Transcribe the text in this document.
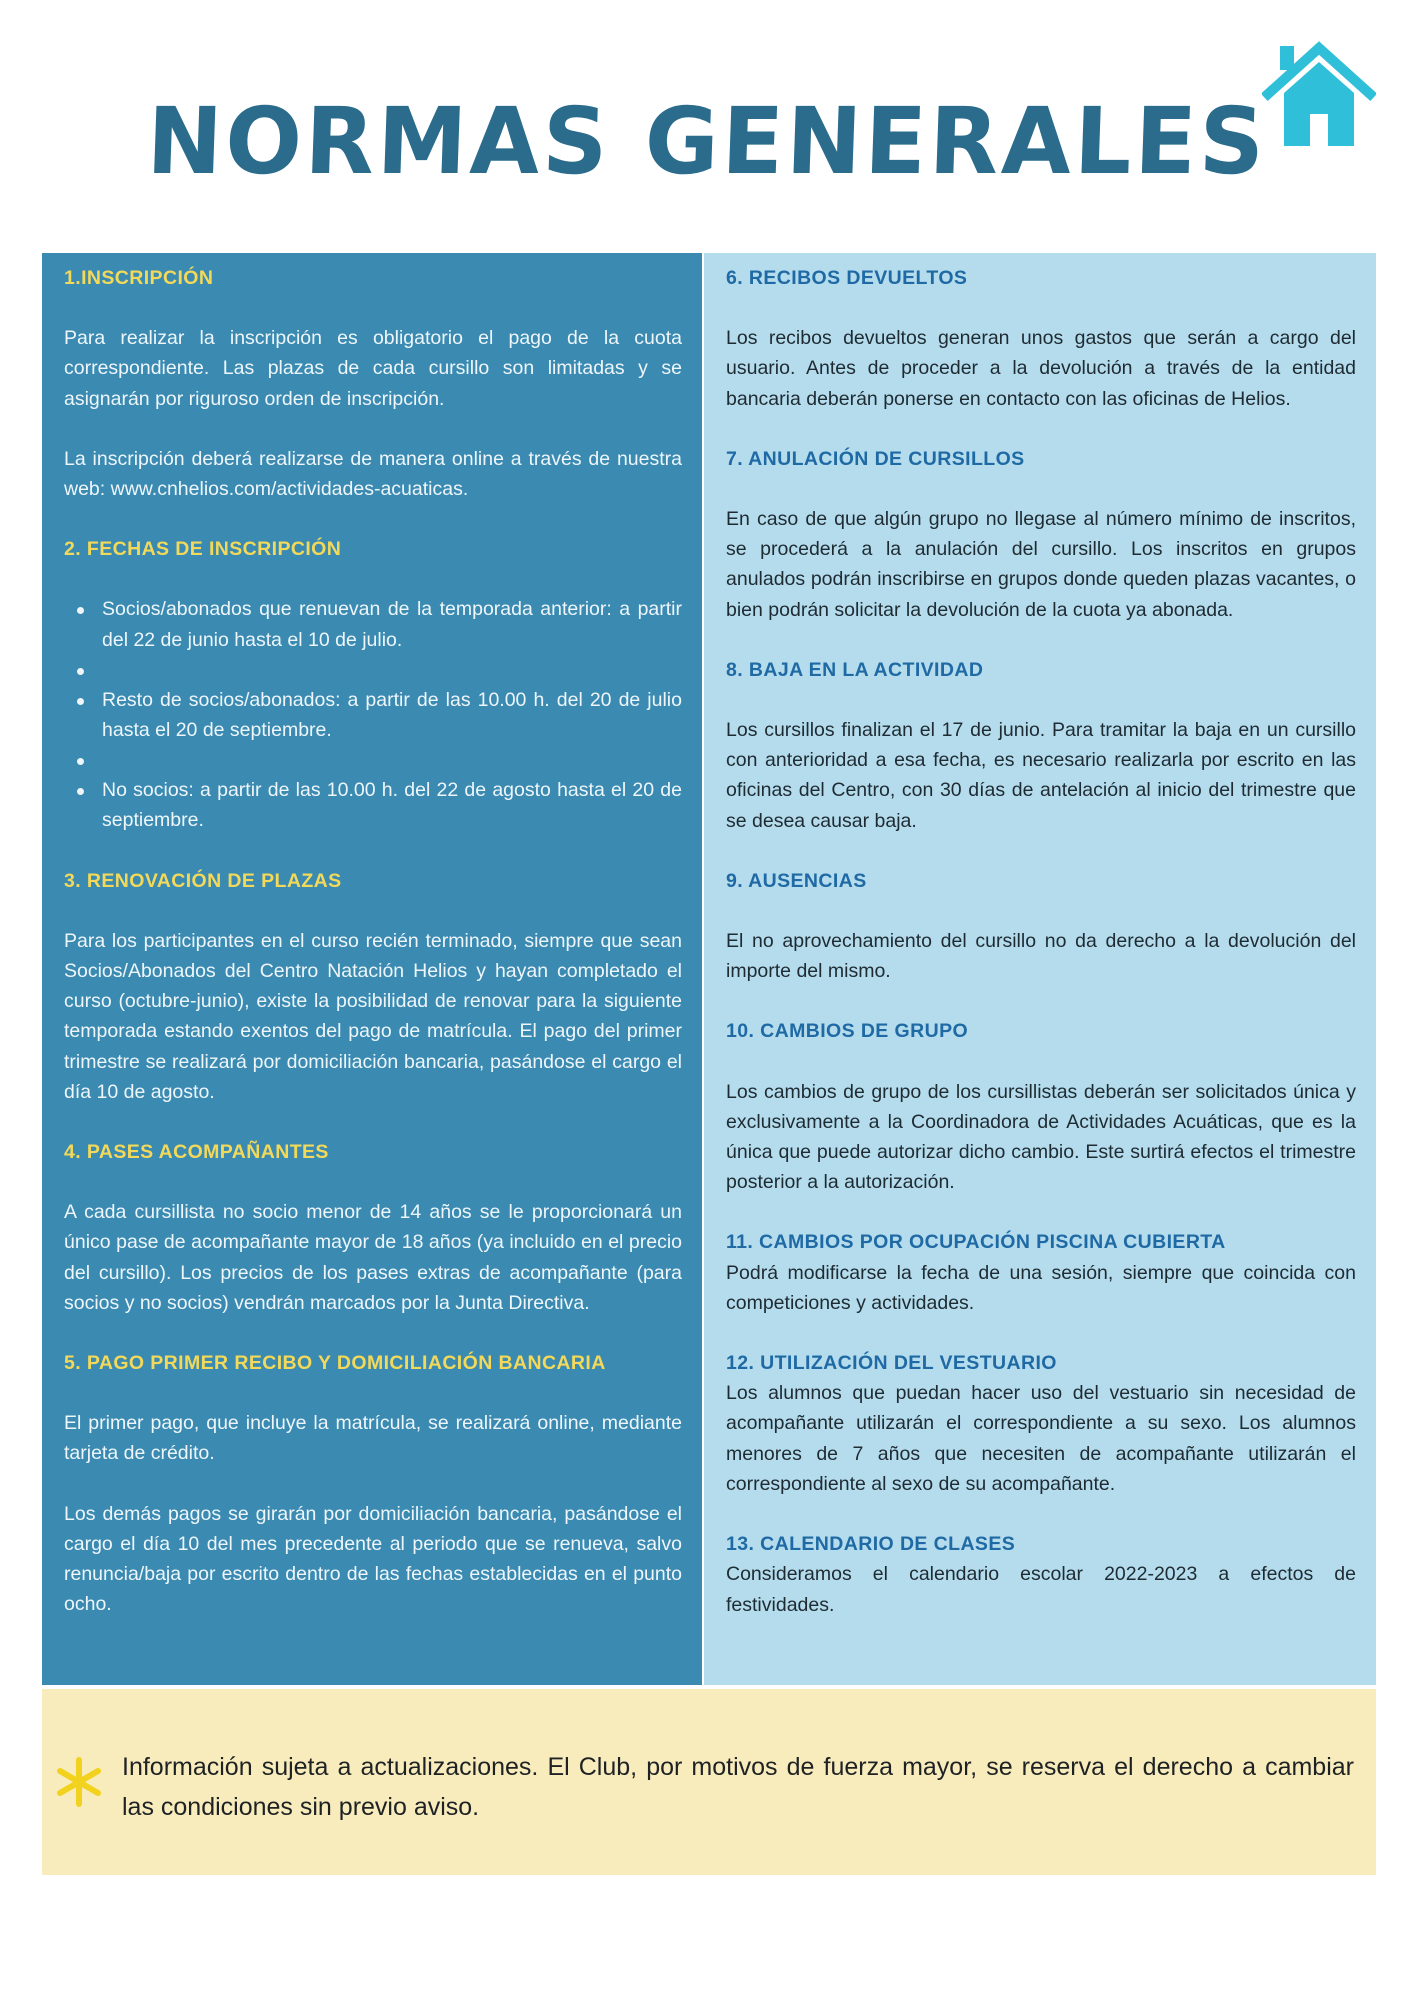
NORMAS GENERALES
1.INSCRIPCIÓN

Para realizar la inscripción es obligatorio el pago de la cuota correspondiente. Las plazas de cada cursillo son limitadas y se asignarán por riguroso orden de inscripción.

La inscripción deberá realizarse de manera online a través de nuestra web: www.cnhelios.com/actividades-acuaticas.

2. FECHAS DE INSCRIPCIÓN
Socios/abonados que renuevan de la temporada anterior: a partir del 22 de junio hasta el 10 de julio.
Resto de socios/abonados: a partir de las 10.00 h. del 20 de julio hasta el 20 de septiembre.
No socios: a partir de las 10.00 h. del 22 de agosto hasta el 20 de septiembre.
3. RENOVACIÓN DE PLAZAS

Para los participantes en el curso recién terminado, siempre que sean Socios/Abonados del Centro Natación Helios y hayan completado el curso (octubre-junio), existe la posibilidad de renovar para la siguiente temporada estando exentos del pago de matrícula. El pago del primer trimestre se realizará por domiciliación bancaria, pasándose el cargo el día 10 de agosto.

4. PASES ACOMPAÑANTES

A cada cursillista no socio menor de 14 años se le proporcionará un único pase de acompañante mayor de 18 años (ya incluido en el precio del cursillo). Los precios de los pases extras de acompañante (para socios y no socios) vendrán marcados por la Junta Directiva.

5. PAGO PRIMER RECIBO Y DOMICILIACIÓN BANCARIA

El primer pago, que incluye la matrícula, se realizará online, mediante tarjeta de crédito.

Los demás pagos se girarán por domiciliación bancaria, pasándose el cargo el día 10 del mes precedente al periodo que se renueva, salvo renuncia/baja por escrito dentro de las fechas establecidas en el punto ocho.

6. RECIBOS DEVUELTOS

Los recibos devueltos generan unos gastos que serán a cargo del usuario. Antes de proceder a la devolución a través de la entidad bancaria deberán ponerse en contacto con las oficinas de Helios.

7. ANULACIÓN DE CURSILLOS

En caso de que algún grupo no llegase al número mínimo de inscritos, se procederá a la anulación del cursillo. Los inscritos en grupos anulados podrán inscribirse en grupos donde queden plazas vacantes, o bien podrán solicitar la devolución de la cuota ya abonada.

8. BAJA EN LA ACTIVIDAD

Los cursillos finalizan el 17 de junio. Para tramitar la baja en un cursillo con anterioridad a esa fecha, es necesario realizarla por escrito en las oficinas del Centro, con 30 días de antelación al inicio del trimestre que se desea causar baja.

9. AUSENCIAS

El no aprovechamiento del cursillo no da derecho a la devolución del importe del mismo.

10. CAMBIOS DE GRUPO

Los cambios de grupo de los cursillistas deberán ser solicitados única y exclusivamente a la Coordinadora de Actividades Acuáticas, que es la única que puede autorizar dicho cambio. Este surtirá efectos el trimestre posterior a la autorización.

11. CAMBIOS POR OCUPACIÓN PISCINA CUBIERTA

Podrá modificarse la fecha de una sesión, siempre que coincida con competiciones y actividades.

12. UTILIZACIÓN DEL VESTUARIO

Los alumnos que puedan hacer uso del vestuario sin necesidad de acompañante utilizarán el correspondiente a su sexo. Los alumnos menores de 7 años que necesiten de acompañante utilizarán el correspondiente al sexo de su acompañante.

13. CALENDARIO DE CLASES

Consideramos el calendario escolar 2022-2023 a efectos de festividades.

Información sujeta a actualizaciones. El Club, por motivos de fuerza mayor, se reserva el derecho a cambiar las condiciones sin previo aviso.
